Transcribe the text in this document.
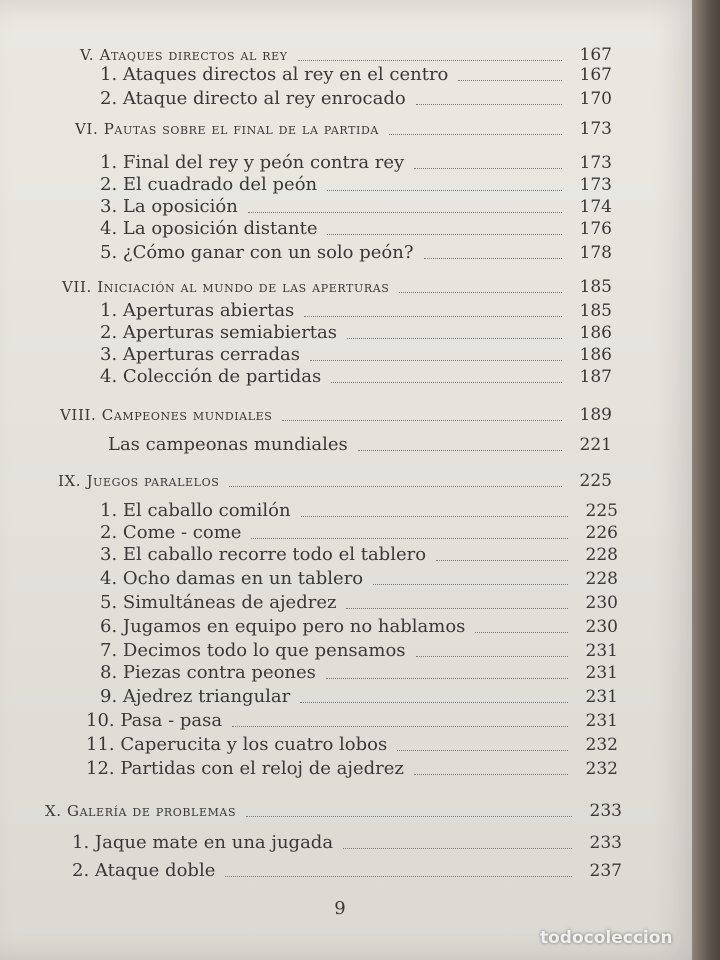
V. Ataques directos al rey	167
1. Ataques directos al rey en el centro	167
2. Ataque directo al rey enrocado	170
VI. Pautas sobre el final de la partida	173
1. Final del rey y peón contra rey	173
2. El cuadrado del peón	173
3. La oposición	174
4. La oposición distante	176
5. ¿Cómo ganar con un solo peón?	178
VII. Iniciación al mundo de las aperturas	185
1. Aperturas abiertas	185
2. Aperturas semiabiertas	186
3. Aperturas cerradas	186
4. Colección de partidas	187
VIII. Campeones mundiales	189
Las campeonas mundiales	221
IX. Juegos paralelos	225
1. El caballo comilón	225
2. Come - come	226
3. El caballo recorre todo el tablero	228
4. Ocho damas en un tablero	228
5. Simultáneas de ajedrez	230
6. Jugamos en equipo pero no hablamos	230
7. Decimos todo lo que pensamos	231
8. Piezas contra peones	231
9. Ajedrez triangular	231
10. Pasa - pasa	231
11. Caperucita y los cuatro lobos	232
12. Partidas con el reloj de ajedrez	232
X. Galería de problemas	233
1. Jaque mate en una jugada	233
2. Ataque doble	237
9
todocoleccion
